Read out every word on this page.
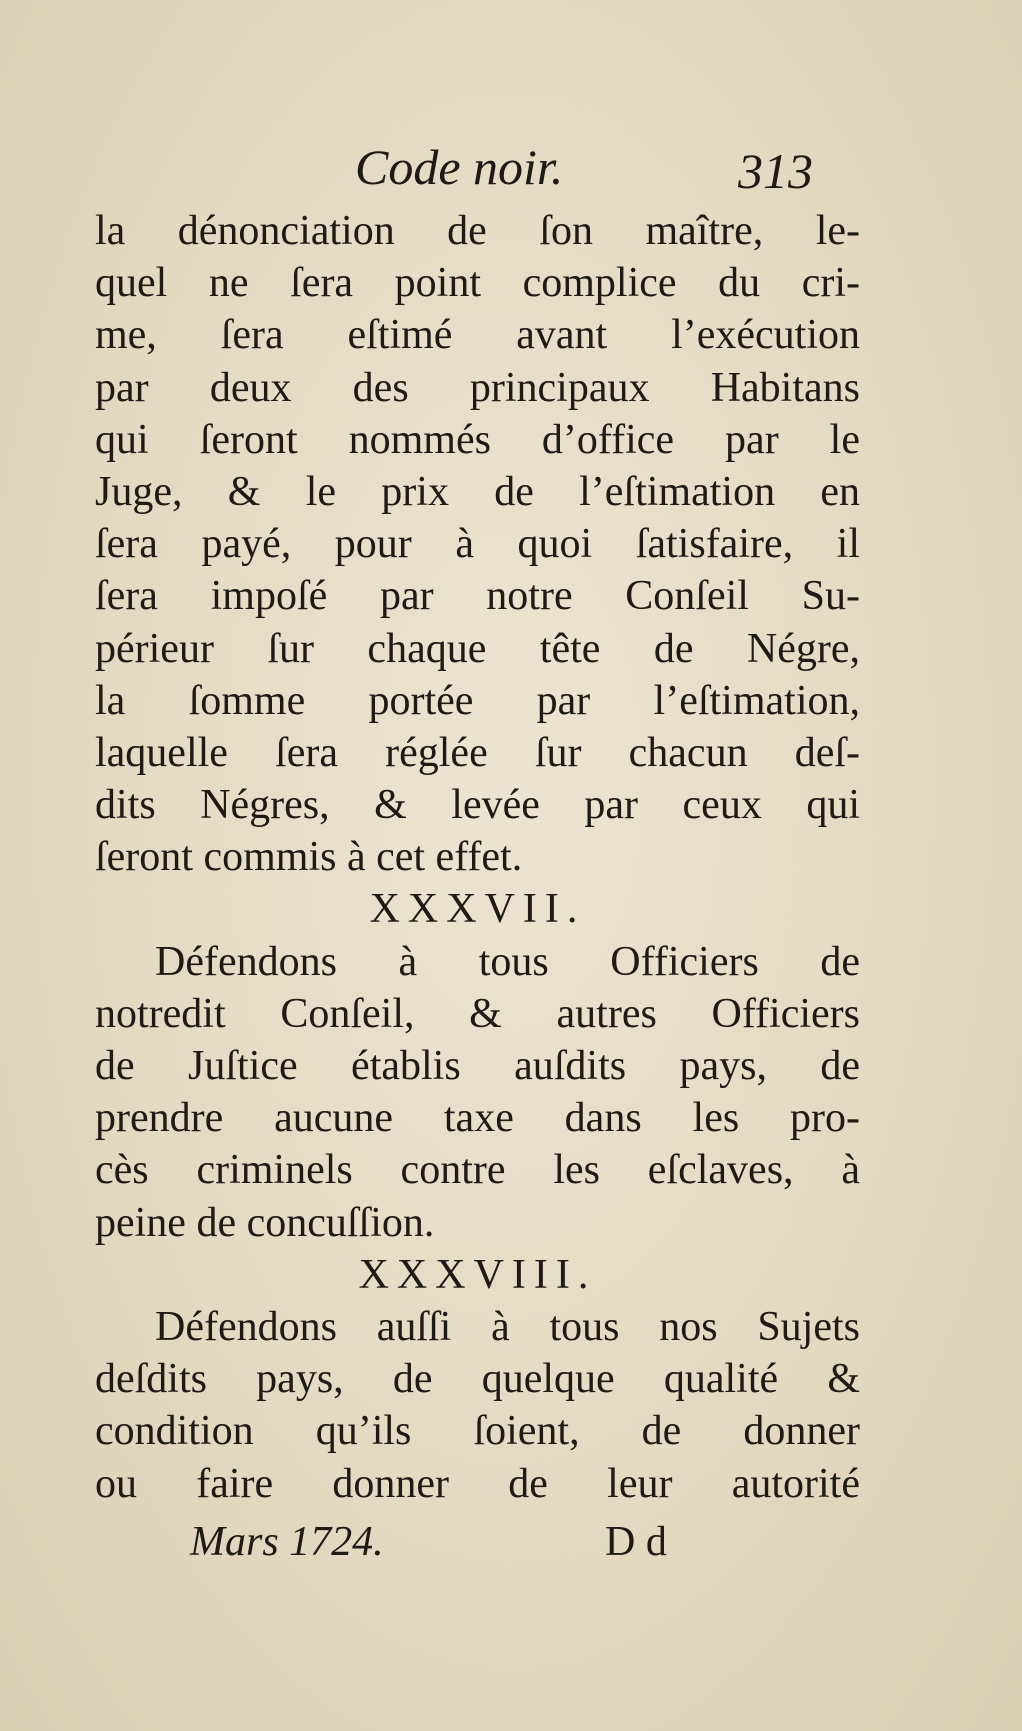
Code noir.	313
la dénonciation de ſon maître, le-
quel ne ſera point complice du cri-
me, ſera eſtimé avant l’exécution
par deux des principaux Habitans
qui ſeront nommés d’office par le
Juge, & le prix de l’eſtimation en
ſera payé, pour à quoi ſatisfaire, il
ſera impoſé par notre Conſeil Su-
périeur ſur chaque tête de Négre,
la ſomme portée par l’eſtimation,
laquelle ſera réglée ſur chacun deſ-
dits Négres, & levée par ceux qui
ſeront commis à cet effet.
XXXVII.
Défendons à tous Officiers de
notredit Conſeil, & autres Officiers
de Juſtice établis auſdits pays, de
prendre aucune taxe dans les pro-
cès criminels contre les eſclaves, à
peine de concuſſion.
XXXVIII.
Défendons auſſi à tous nos Sujets
deſdits pays, de quelque qualité &
condition qu’ils ſoient, de donner
ou faire donner de leur autorité
Mars 1724.	D d
